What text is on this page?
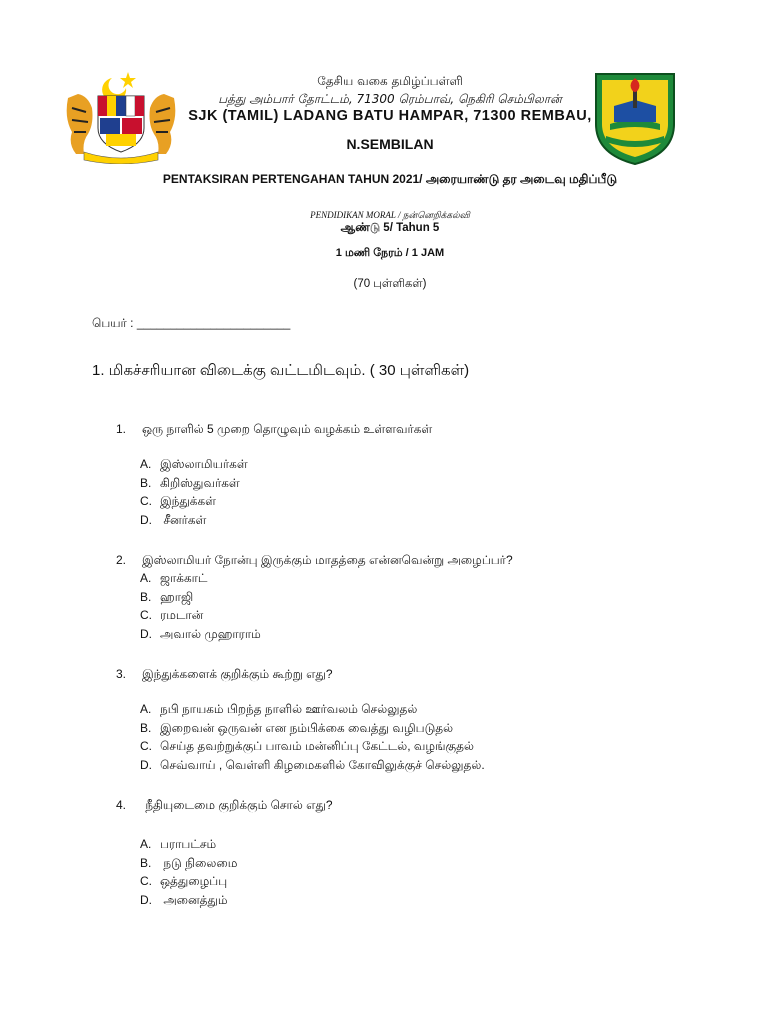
தேசிய வகை தமிழ்ப்பள்ளி

பத்து அம்பார் தோட்டம், 71300 ரெம்பாவ், நெகிரி செம்பிலான்

SJK (TAMIL) LADANG BATU HAMPAR, 71300 REMBAU,

N.SEMBILAN

PENTAKSIRAN PERTENGAHAN TAHUN 2021/ அரையாண்டு தர அடைவு மதிப்பீடு
PENDIDIKAN MORAL / நன்னெறிக்கல்வி
ஆண்டு 5/ Tahun 5
1 மணி நேரம் / 1 JAM
(70 புள்ளிகள்)
பெயர் : _______________________
1. மிகச்சரியான விடைக்கு வட்டமிடவும். ( 30 புள்ளிகள்)
1. ஒரு நாளில் 5 முறை தொழுவும் வழக்கம் உள்ளவர்கள்
A. இஸ்லாமியர்கள்
B. கிறிஸ்துவர்கள்
C. இந்துக்கள்
D. சீனர்கள்
2. இஸ்லாமியர் நோன்பு இருக்கும் மாதத்தை என்னவென்று அழைப்பர்?
A. ஜாக்காட்
B. ஹாஜி
C. ரமடான்
D. அவால் முஹாராம்
3. இந்துக்களைக் குறிக்கும் கூற்று எது?
A. நபி நாயகம் பிறந்த நாளில் ஊர்வலம் செல்லுதல்
B. இறைவன் ஒருவன் என நம்பிக்கை வைத்து வழிபடுதல்
C. செய்த தவற்றுக்குப் பாவம் மன்னிப்பு கேட்டல், வழங்குதல்
D. செவ்வாய் , வெள்ளி கிழமைகளில் கோவிலுக்குச் செல்லுதல்.
4. நீதியுடைமை குறிக்கும் சொல் எது?
A. பராபட்சம்
B. நடு நிலைமை
C. ஒத்துழைப்பு
D. அனைத்தும்
